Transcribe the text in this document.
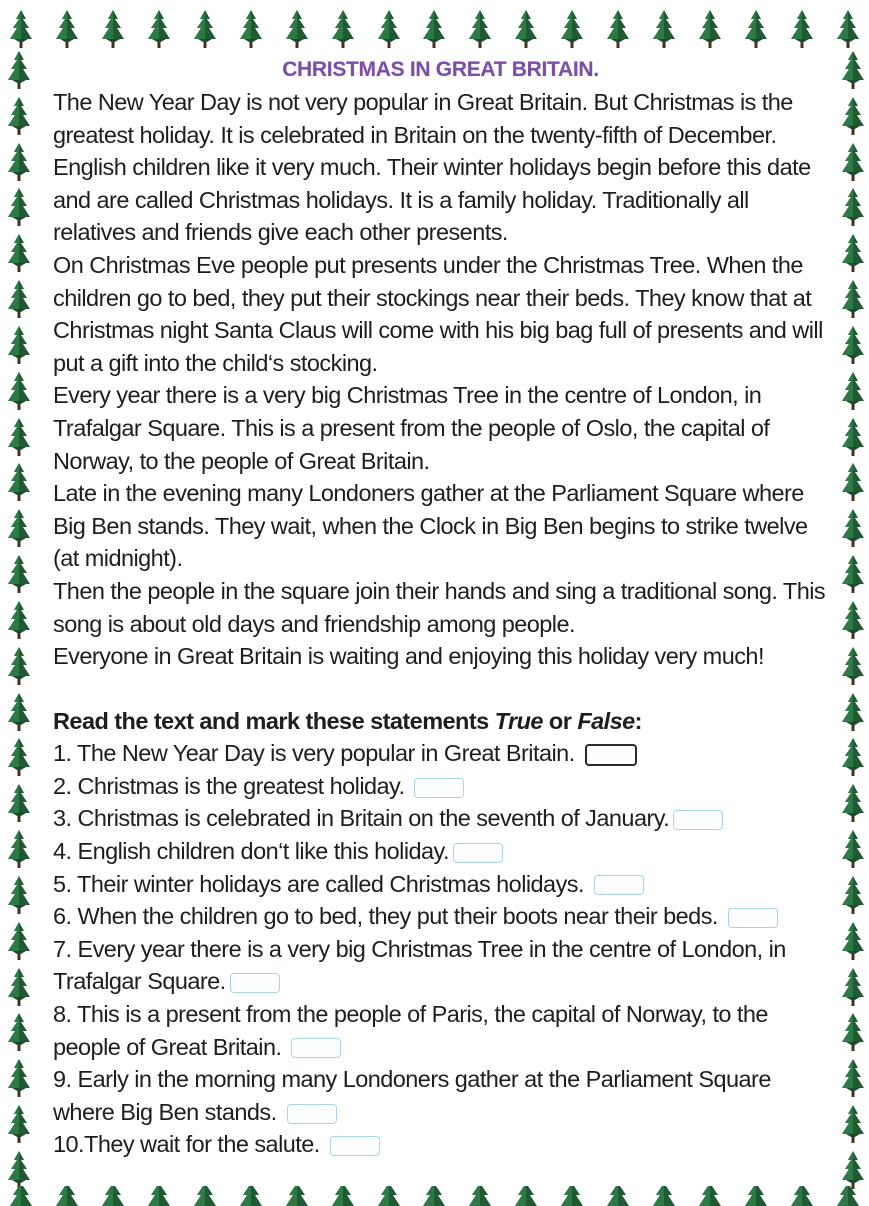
CHRISTMAS IN GREAT BRITAIN.

The New Year Day is not very popular in Great Britain. But Christmas is the greatest holiday. It is celebrated in Britain on the twenty-fifth of December. English children like it very much. Their winter holidays begin before this date and are called Christmas holidays. It is a family holiday. Traditionally all relatives and friends give each other presents.

On Christmas Eve people put presents under the Christmas Tree. When the children go to bed, they put their stockings near their beds. They know that at Christmas night Santa Claus will come with his big bag full of presents and will put a gift into the child‘s stocking.

Every year there is a very big Christmas Tree in the centre of London, in Trafalgar Square. This is a present from the people of Oslo, the capital of Norway, to the people of Great Britain.

Late in the evening many Londoners gather at the Parliament Square where Big Ben stands. They wait, when the Clock in Big Ben begins to strike twelve (at midnight).

Then the people in the square join their hands and sing a traditional song. This song is about old days and friendship among people.

Everyone in Great Britain is waiting and enjoying this holiday very much!

Read the text and mark these statements True or False:

1. The New Year Day is very popular in Great Britain.

2. Christmas is the greatest holiday.

3. Christmas is celebrated in Britain on the seventh of January.

4. English children don‘t like this holiday.

5. Their winter holidays are called Christmas holidays.

6. When the children go to bed, they put their boots near their beds.

7. Every year there is a very big Christmas Tree in the centre of London, in Trafalgar Square.

8. This is a present from the people of Paris, the capital of Norway, to the people of Great Britain.

9. Early in the morning many Londoners gather at the Parliament Square where Big Ben stands.

10.They wait for the salute.
